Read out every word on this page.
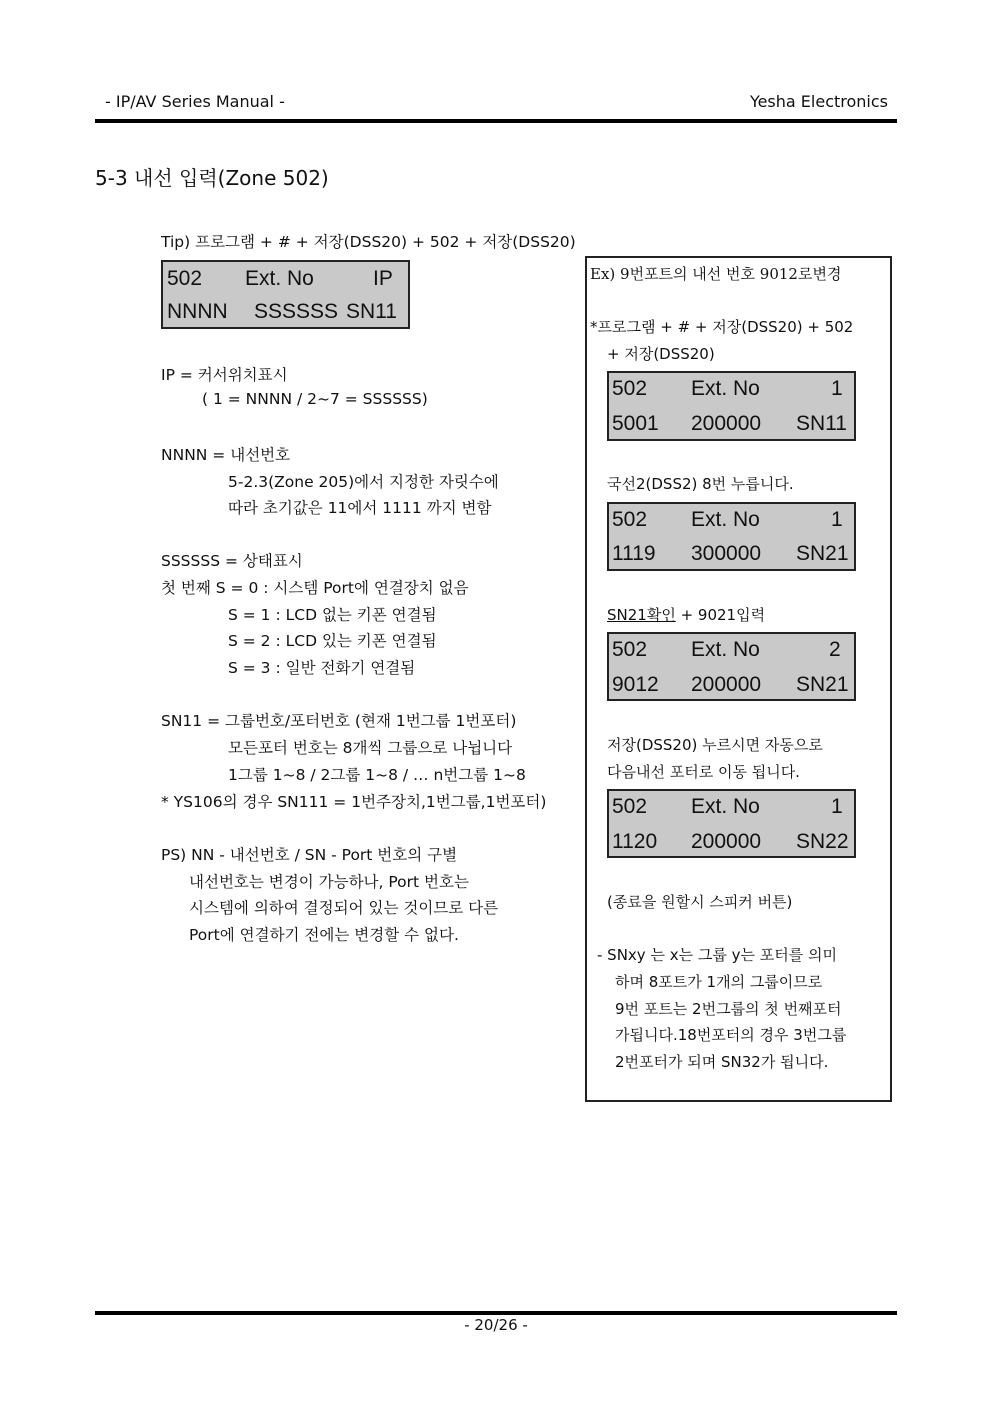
- IP/AV Series Manual -	Yesha Electronics
5-3 내선 입력(Zone 502)
Tip) 프로그램 + # + 저장(DSS20) + 502 + 저장(DSS20)
502 Ext. No	IP
NNNN SSSSSS SN11
IP = 커서위치표시
( 1 = NNNN / 2~7 = SSSSSS)
NNNN = 내선번호
5-2.3(Zone 205)에서 지정한 자릿수에
따라 초기값은 11에서 1111 까지 변함
SSSSSS = 상태표시
첫 번째 S = 0 : 시스템 Port에 연결장치 없음
S = 1 : LCD 없는 키폰 연결됨
S = 2 : LCD 있는 키폰 연결됨
S = 3 : 일반 전화기 연결됨
SN11 = 그룹번호/포터번호 (현재 1번그룹 1번포터)
모든포터 번호는 8개씩 그룹으로 나뉩니다
1그룹 1~8 / 2그룹 1~8 / … n번그룹 1~8
* YS106의 경우 SN111 = 1번주장치,1번그룹,1번포터)
PS) NN - 내선번호 / SN - Port 번호의 구별
내선번호는 변경이 가능하나, Port 번호는
시스템에 의하여 결정되어 있는 것이므로 다른
Port에 연결하기 전에는 변경할 수 없다.
Ex) 9번포트의 내선 번호 9012로변경
*프로그램 + # + 저장(DSS20) + 502
+ 저장(DSS20)
502 Ext. No	1
5001 200000 SN11
국선2(DSS2) 8번 누릅니다.
502 Ext. No	1
1119 300000 SN21
SN21확인 + 9021입력
502 Ext. No	2
9012 200000 SN21
저장(DSS20) 누르시면 자동으로
다음내선 포터로 이동 됩니다.
502 Ext. No	1
1120 200000 SN22
(종료을 원할시 스피커 버튼)
- SNxy 는 x는 그룹 y는 포터를 의미
하며 8포트가 1개의 그룹이므로
9번 포트는 2번그룹의 첫 번째포터
가됩니다.18번포터의 경우 3번그룹
2번포터가 되며 SN32가 됩니다.
- 20/26 -
